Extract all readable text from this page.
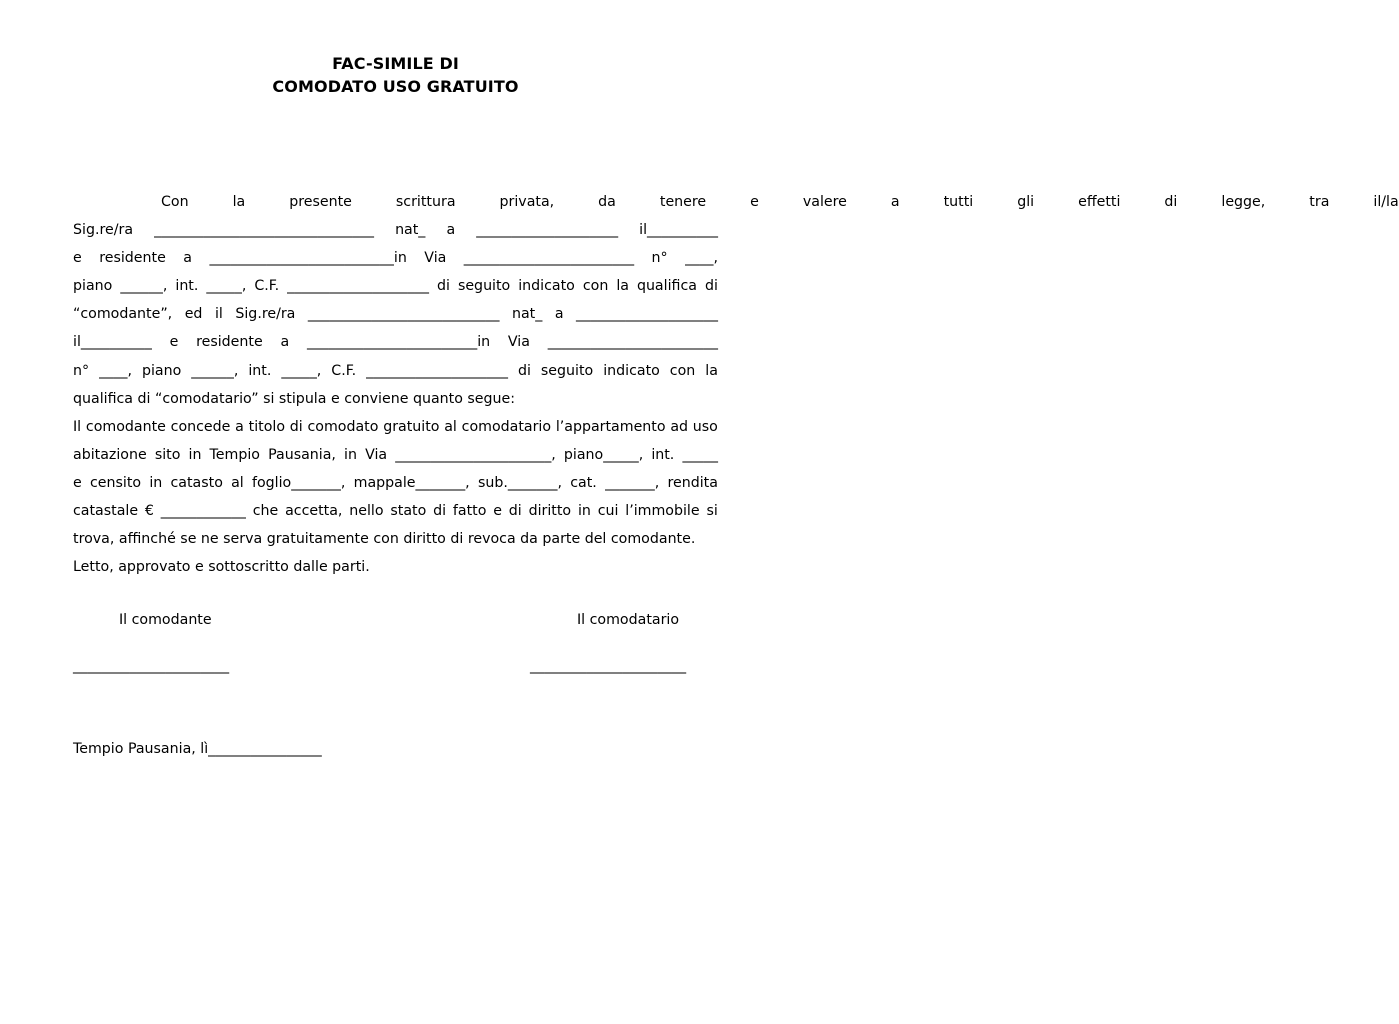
FAC-SIMILE DI
COMODATO USO GRATUITO
Con	la	presente	scrittura	privata,	da	tenere	e	valere	a	tutti	gli	effetti	di	legge,	tra	il/la
Sig.re/ra _______________________________ nat_ a ____________________ il__________
e residente a __________________________in Via ________________________ n° ____,
piano ______, int. _____, C.F. ____________________ di seguito indicato con la qualifica di
“comodante”, ed il Sig.re/ra ___________________________ nat_ a ____________________
il__________ e residente a ________________________in Via ________________________
n° ____, piano ______, int. _____, C.F. ____________________ di seguito indicato con la
qualifica di “comodatario” si stipula e conviene quanto segue:
Il comodante concede a titolo di comodato gratuito al comodatario l’appartamento ad uso
abitazione sito in Tempio Pausania, in Via ______________________, piano_____, int. _____
e censito in catasto al foglio_______, mappale_______, sub._______, cat. _______, rendita
catastale € ____________ che accetta, nello stato di fatto e di diritto in cui l’immobile si
trova, affinché se ne serva gratuitamente con diritto di revoca da parte del comodante.
Letto, approvato e sottoscritto dalle parti.
Il comodante	Il comodatario
______________________	______________________
Tempio Pausania, lì________________
